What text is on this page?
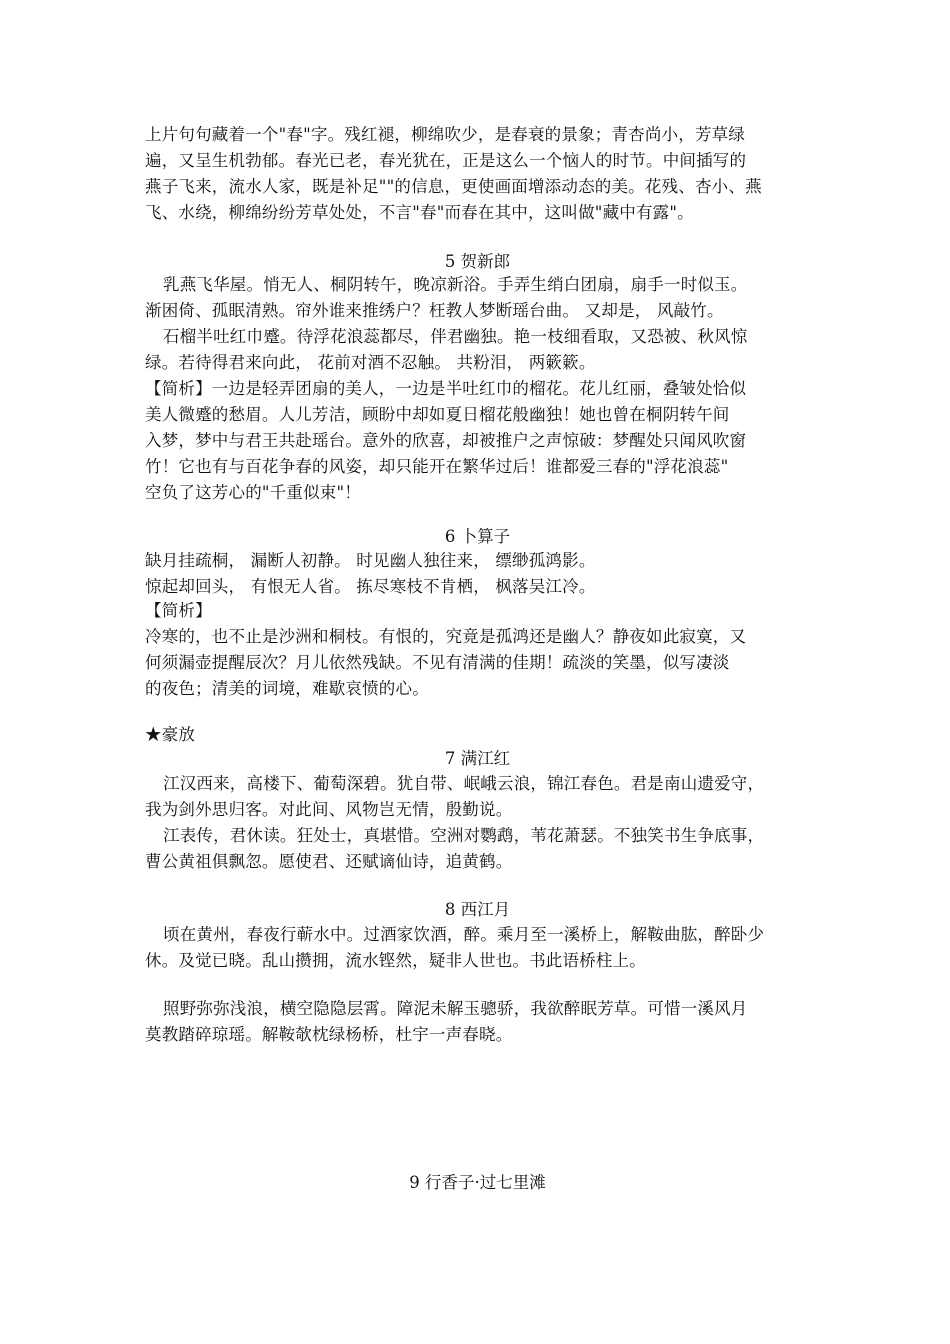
上片句句藏着一个"春"字。残红褪，柳绵吹少，是春衰的景象；青杏尚小，芳草绿
遍，又呈生机勃郁。春光已老，春光犹在，正是这么一个恼人的时节。中间插写的
燕子飞来，流水人家，既是补足""的信息，更使画面增添动态的美。花残、杏小、燕
飞、水绕，柳绵纷纷芳草处处，不言"春"而春在其中，这叫做"藏中有露"。
5 贺新郎
乳燕飞华屋。悄无人、桐阴转午，晚凉新浴。手弄生绡白团扇，扇手一时似玉。
渐困倚、孤眠清熟。帘外谁来推绣户？枉教人梦断瑶台曲。 又却是， 风敲竹。
石榴半吐红巾蹙。待浮花浪蕊都尽，伴君幽独。艳一枝细看取，又恐被、秋风惊
绿。若待得君来向此， 花前对酒不忍触。 共粉泪， 两簌簌。
【简析】一边是轻弄团扇的美人，一边是半吐红巾的榴花。花儿红丽，叠皱处恰似
美人微蹙的愁眉。人儿芳洁，顾盼中却如夏日榴花般幽独！她也曾在桐阴转午间
入梦，梦中与君王共赴瑶台。意外的欣喜，却被推户之声惊破：梦醒处只闻风吹窗
竹！它也有与百花争春的风姿，却只能开在繁华过后！谁都爱三春的"浮花浪蕊"
空负了这芳心的"千重似束"！
6 卜算子
缺月挂疏桐， 漏断人初静。 时见幽人独往来， 缥缈孤鸿影。
惊起却回头， 有恨无人省。 拣尽寒枝不肯栖， 枫落吴江冷。
【简析】
冷寒的，也不止是沙洲和桐枝。有恨的，究竟是孤鸿还是幽人？静夜如此寂寞，又
何须漏壶提醒辰次？月儿依然残缺。不见有清满的佳期！疏淡的笑墨，似写凄淡
的夜色；清美的词境，难歇哀愤的心。
★豪放
7 满江红
江汉西来，高楼下、葡萄深碧。犹自带、岷峨云浪，锦江春色。君是南山遗爱守，
我为剑外思归客。对此间、风物岂无情，殷勤说。
江表传，君休读。狂处士，真堪惜。空洲对鹦鹉，苇花萧瑟。不独笑书生争底事，
曹公黄祖俱飘忽。愿使君、还赋谪仙诗，追黄鹤。
8 西江月
顷在黄州，春夜行蕲水中。过酒家饮酒，醉。乘月至一溪桥上，解鞍曲肱，醉卧少
休。及觉已晓。乱山攒拥，流水铿然，疑非人世也。书此语桥柱上。
照野弥弥浅浪，横空隐隐层霄。障泥未解玉骢骄，我欲醉眠芳草。可惜一溪风月
莫教踏碎琼瑶。解鞍欹枕绿杨桥，杜宇一声春晓。
9 行香子·过七里滩
